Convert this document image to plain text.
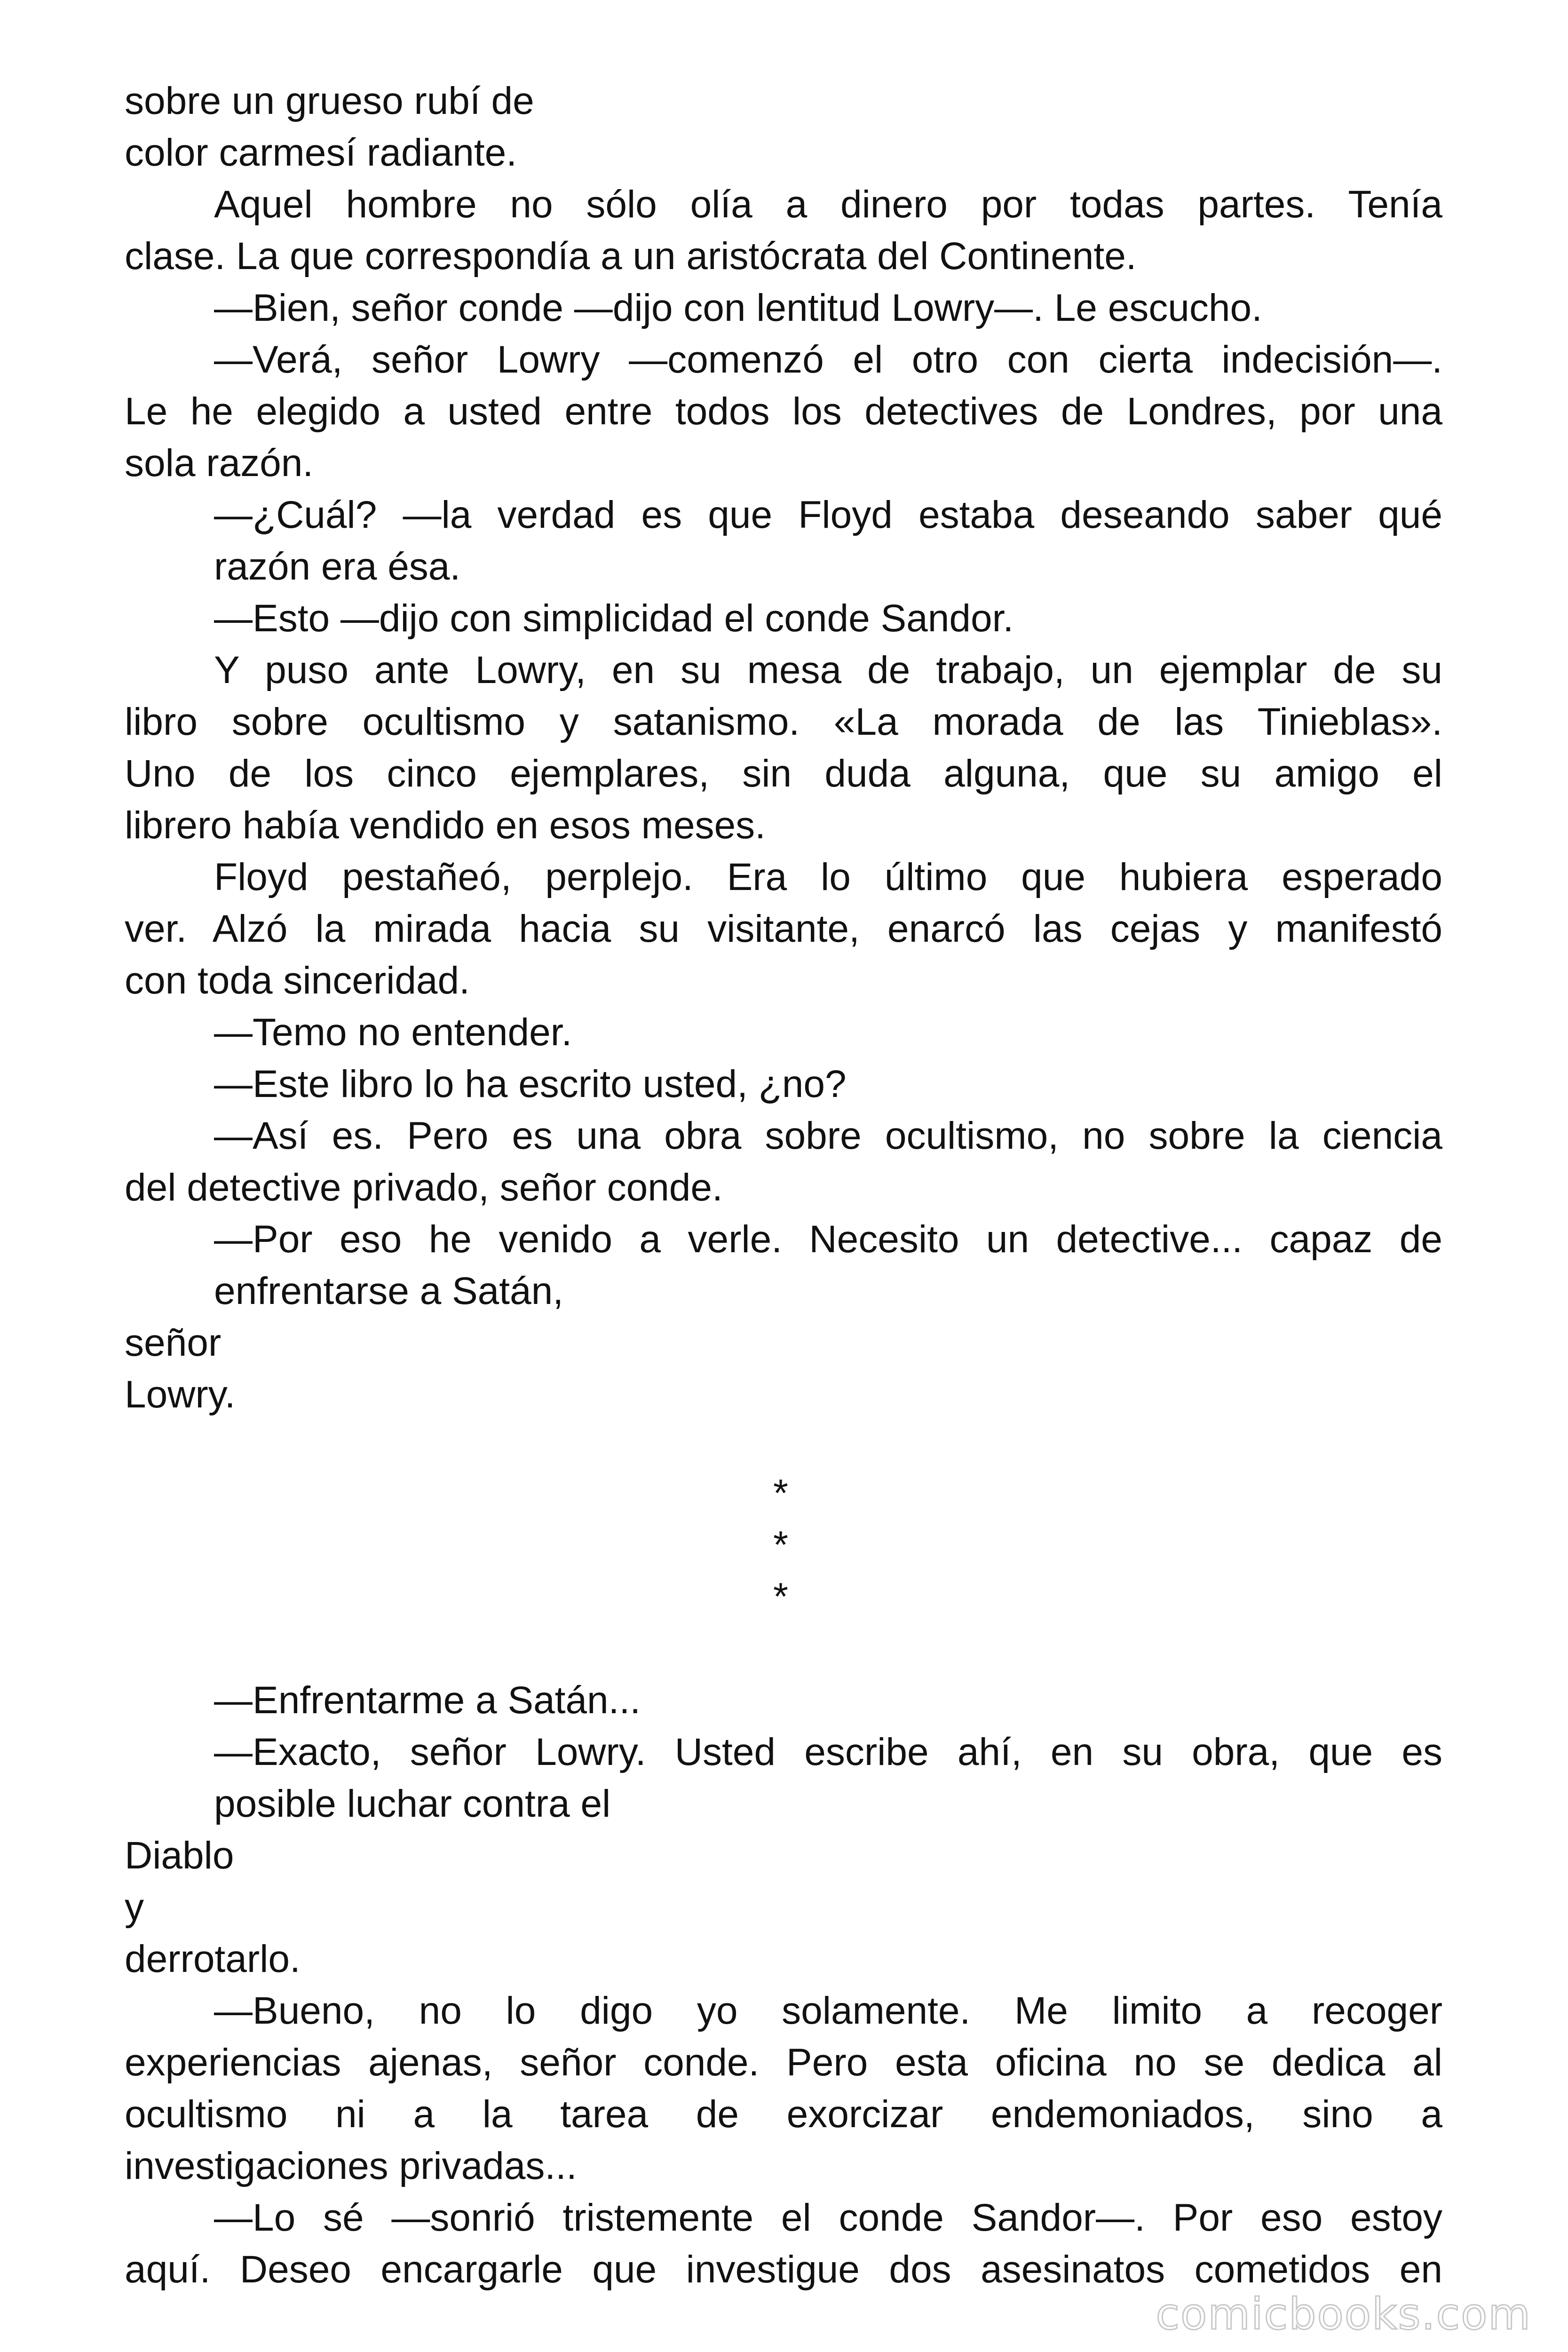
sobre un grueso rubí de
color carmesí radiante.
Aquel hombre no sólo olía a dinero por todas partes. Tenía
clase. La que correspondía a un aristócrata del Continente.
—Bien, señor conde —dijo con lentitud Lowry—. Le escucho.
—Verá, señor Lowry —comenzó el otro con cierta indecisión—.
Le he elegido a usted entre todos los detectives de Londres, por una
sola razón.
—¿Cuál? —la verdad es que Floyd estaba deseando saber qué
razón era ésa.
—Esto —dijo con simplicidad el conde Sandor.
Y puso ante Lowry, en su mesa de trabajo, un ejemplar de su
libro sobre ocultismo y satanismo. «La morada de las Tinieblas».
Uno de los cinco ejemplares, sin duda alguna, que su amigo el
librero había vendido en esos meses.
Floyd pestañeó, perplejo. Era lo último que hubiera esperado
ver. Alzó la mirada hacia su visitante, enarcó las cejas y manifestó
con toda sinceridad.
—Temo no entender.
—Este libro lo ha escrito usted, ¿no?
—Así es. Pero es una obra sobre ocultismo, no sobre la ciencia
del detective privado, señor conde.
—Por eso he venido a verle. Necesito un detective... capaz de
enfrentarse a Satán,
señor
Lowry.
*
*
*
—Enfrentarme a Satán...
—Exacto, señor Lowry. Usted escribe ahí, en su obra, que es
posible luchar contra el
Diablo
y
derrotarlo.
—Bueno, no lo digo yo solamente. Me limito a recoger
experiencias ajenas, señor conde. Pero esta oficina no se dedica al
ocultismo ni a la tarea de exorcizar endemoniados, sino a
investigaciones privadas...
—Lo sé —sonrió tristemente el conde Sandor—. Por eso estoy
aquí. Deseo encargarle que investigue dos asesinatos cometidos en
comicbooks.com
